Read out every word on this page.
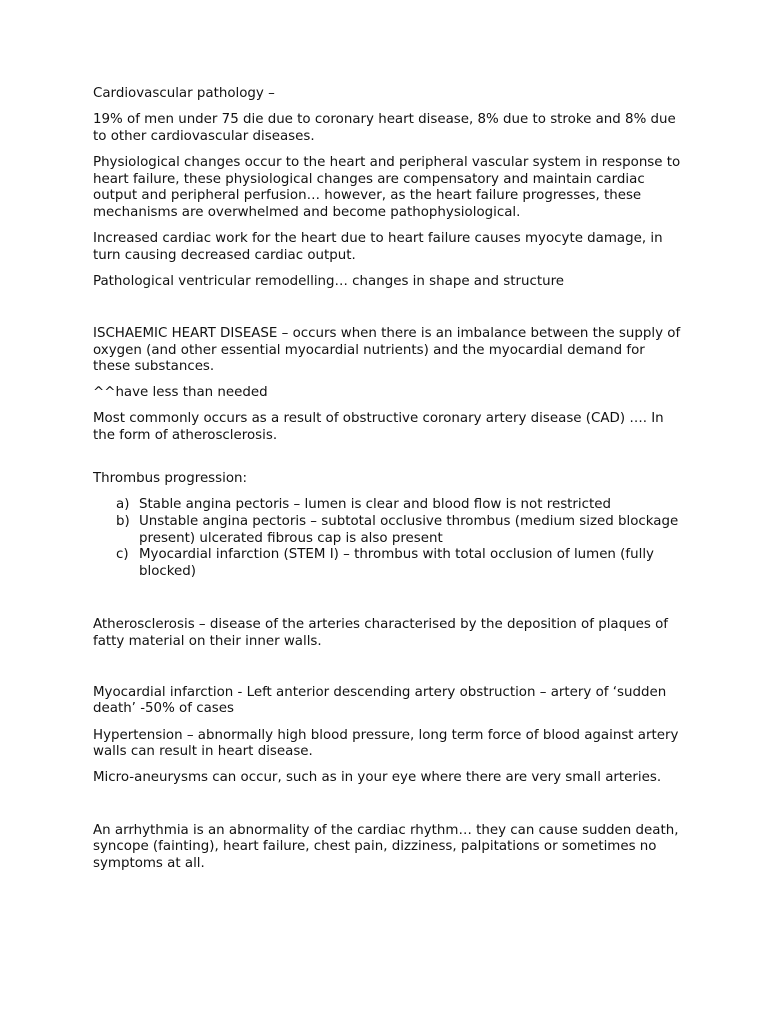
Cardiovascular pathology –

19% of men under 75 die due to coronary heart disease, 8% due to stroke and 8% due to other cardiovascular diseases.

Physiological changes occur to the heart and peripheral vascular system in response to heart failure, these physiological changes are compensatory and maintain cardiac output and peripheral perfusion… however, as the heart failure progresses, these mechanisms are overwhelmed and become pathophysiological.

Increased cardiac work for the heart due to heart failure causes myocyte damage, in turn causing decreased cardiac output.

Pathological ventricular remodelling… changes in shape and structure

ISCHAEMIC HEART DISEASE – occurs when there is an imbalance between the supply of oxygen (and other essential myocardial nutrients) and the myocardial demand for these substances.

^^have less than needed

Most commonly occurs as a result of obstructive coronary artery disease (CAD) …. In the form of atherosclerosis.

Thrombus progression:

a) Stable angina pectoris – lumen is clear and blood flow is not restricted
b) Unstable angina pectoris – subtotal occlusive thrombus (medium sized blockage present) ulcerated fibrous cap is also present
c) Myocardial infarction (STEM I) – thrombus with total occlusion of lumen (fully blocked)

Atherosclerosis – disease of the arteries characterised by the deposition of plaques of fatty material on their inner walls.

Myocardial infarction - Left anterior descending artery obstruction – artery of ‘sudden death’ -50% of cases

Hypertension – abnormally high blood pressure, long term force of blood against artery walls can result in heart disease.

Micro-aneurysms can occur, such as in your eye where there are very small arteries.

An arrhythmia is an abnormality of the cardiac rhythm… they can cause sudden death, syncope (fainting), heart failure, chest pain, dizziness, palpitations or sometimes no symptoms at all.
